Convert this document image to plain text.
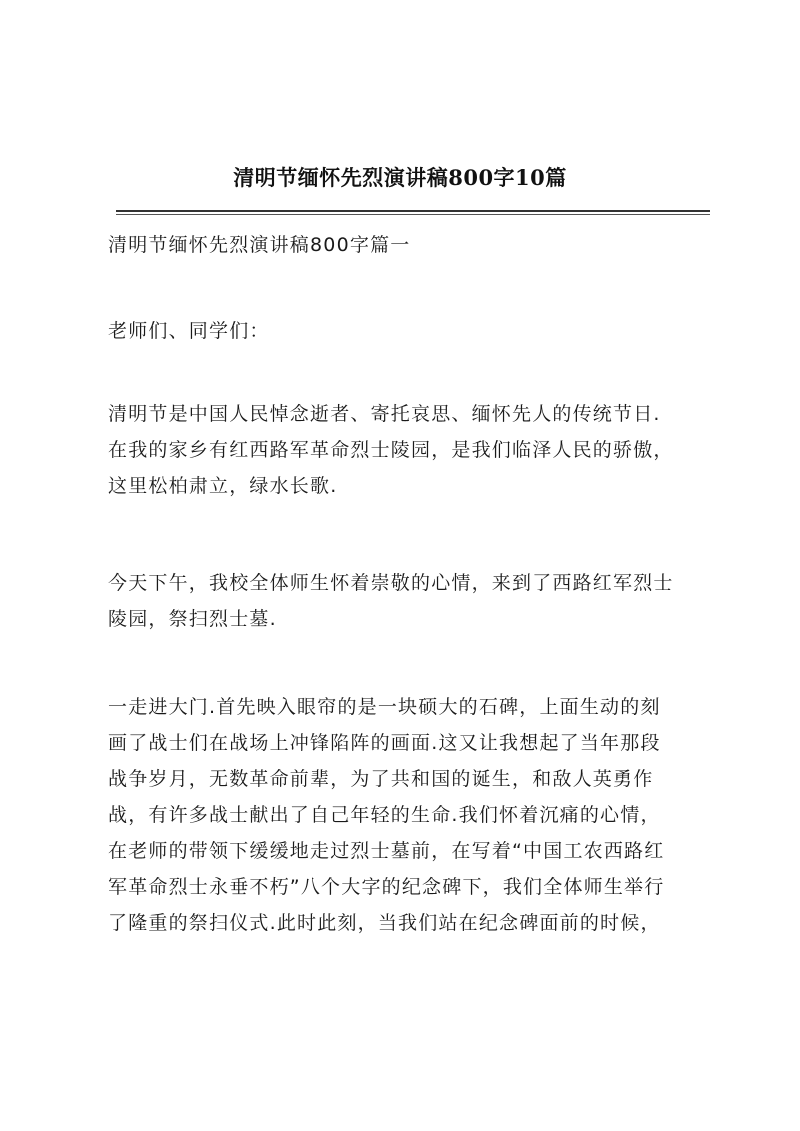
清明节缅怀先烈演讲稿800字10篇
清明节缅怀先烈演讲稿800字篇一
老师们、同学们：
清明节是中国人民悼念逝者、寄托哀思、缅怀先人的传统节日.
在我的家乡有红西路军革命烈士陵园，是我们临泽人民的骄傲，
这里松柏肃立，绿水长歌.
今天下午，我校全体师生怀着崇敬的心情，来到了西路红军烈士
陵园，祭扫烈士墓.
一走进大门.首先映入眼帘的是一块硕大的石碑，上面生动的刻
画了战士们在战场上冲锋陷阵的画面.这又让我想起了当年那段
战争岁月，无数革命前辈，为了共和国的诞生，和敌人英勇作
战，有许多战士献出了自己年轻的生命.我们怀着沉痛的心情，
在老师的带领下缓缓地走过烈士墓前，在写着“中国工农西路红
军革命烈士永垂不朽”八个大字的纪念碑下，我们全体师生举行
了隆重的祭扫仪式.此时此刻，当我们站在纪念碑面前的时候，
